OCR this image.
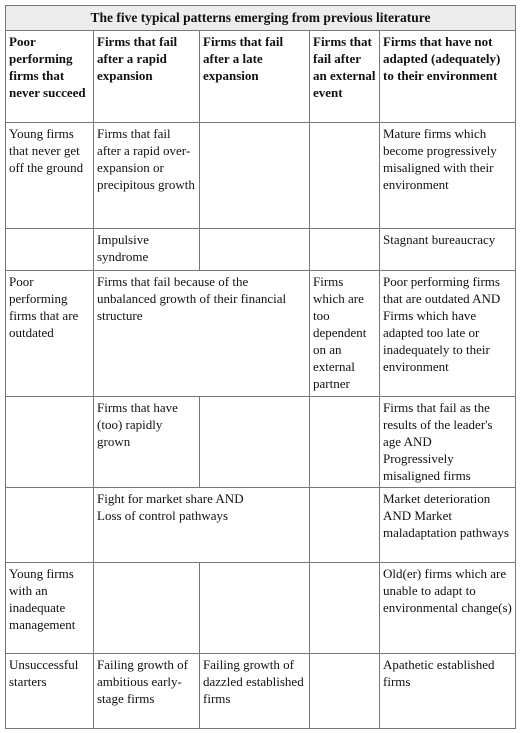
The five typical patterns emerging from previous literature				
Poor performing firms that never succeed	Firms that fail after a rapid expansion	Firms that fail after a late expansion	Firms that fail after an external event	Firms that have not adapted (adequately) to their environment
Young firms that never get off the ground	Firms that fail after a rapid over-expansion or precipitous growth			Mature firms which become progressively misaligned with their environment
	Impulsive syndrome			Stagnant bureaucracy
Poor performing firms that are outdated	Firms that fail because of the unbalanced growth of their financial structure		Firms which are too dependent on an external partner	Poor performing firms that are outdated AND
Firms which have adapted too late or inadequately to their environment
	Firms that have (too) rapidly grown			Firms that fail as the results of the leader's age AND
Progressively misaligned firms
	Fight for market share AND
Loss of control pathways			Market deterioration
AND Market maladaptation pathways
Young firms with an inadequate management				Old(er) firms which are unable to adapt to environmental change(s)
Unsuccessful starters	Failing growth of ambitious early-stage firms	Failing growth of dazzled established firms		Apathetic established firms
